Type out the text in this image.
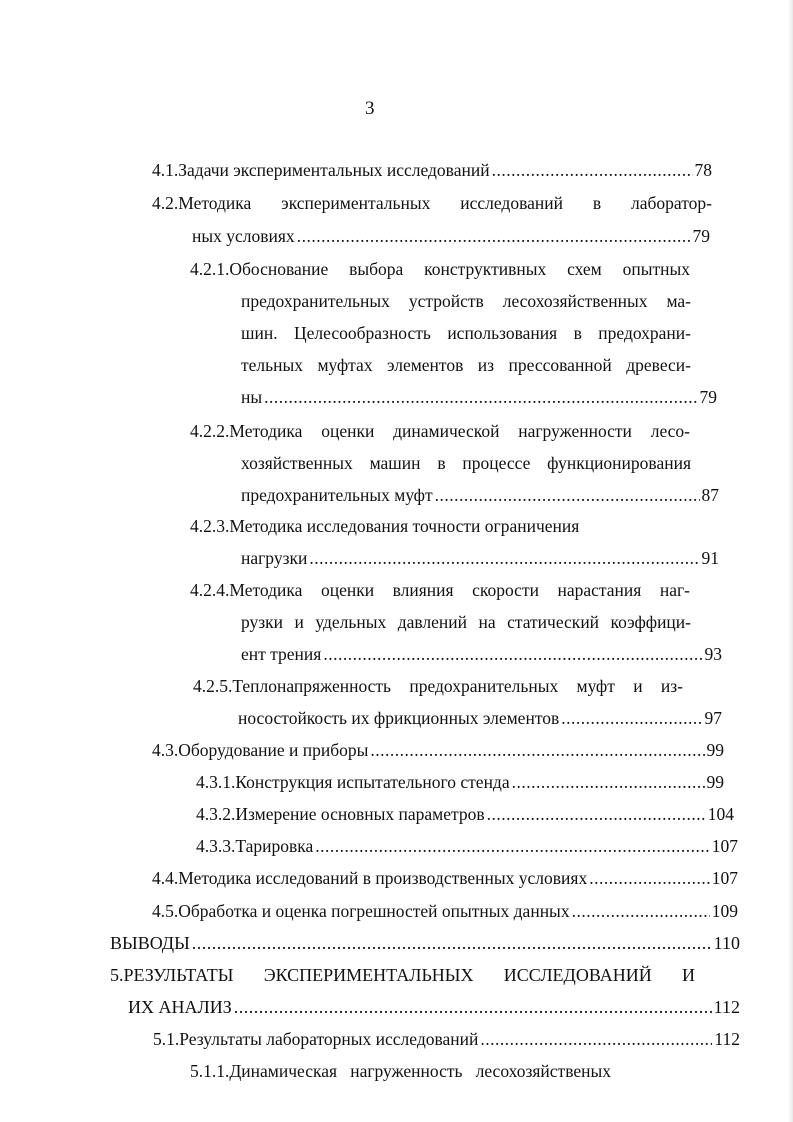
3
4.1. Задачи экспериментальных исследований .....	78
4.2. Методика экспериментальных исследований в лаборатор-
ных условиях .....	79
4.2.1. Обоснование выбора конструктивных схем опытных
предохранительных устройств лесохозяйственных ма-
шин. Целесообразность использования в предохрани-
тельных муфтах элементов из прессованной древеси-
ны .....	79
4.2.2. Методика оценки динамической нагруженности лесо-
хозяйственных машин в процессе функционирования
предохранительных муфт .....	87
4.2.3. Методика исследования точности ограничения
нагрузки .....	91
4.2.4. Методика оценки влияния скорости нарастания наг-
рузки и удельных давлений на статический коэффици-
ент трения .....	93
4.2.5. Теплонапряженность предохранительных муфт и из-
носостойкость их фрикционных элементов .....	97
4.3. Оборудование и приборы .....	99
4.3.1. Конструкция испытательного стенда .....	99
4.3.2. Измерение основных параметров .....	104
4.3.3. Тарировка .....	107
4.4. Методика исследований в производственных условиях .....	107
4.5. Обработка и оценка погрешностей опытных данных .....	109
ВЫВОДЫ .....	110
5. РЕЗУЛЬТАТЫ ЭКСПЕРИМЕНТАЛЬНЫХ ИССЛЕДОВАНИЙ И
ИХ АНАЛИЗ .....	112
5.1. Результаты лабораторных исследований .....	112
5.1.1. Динамическая   нагруженность   лесохозяйственых
